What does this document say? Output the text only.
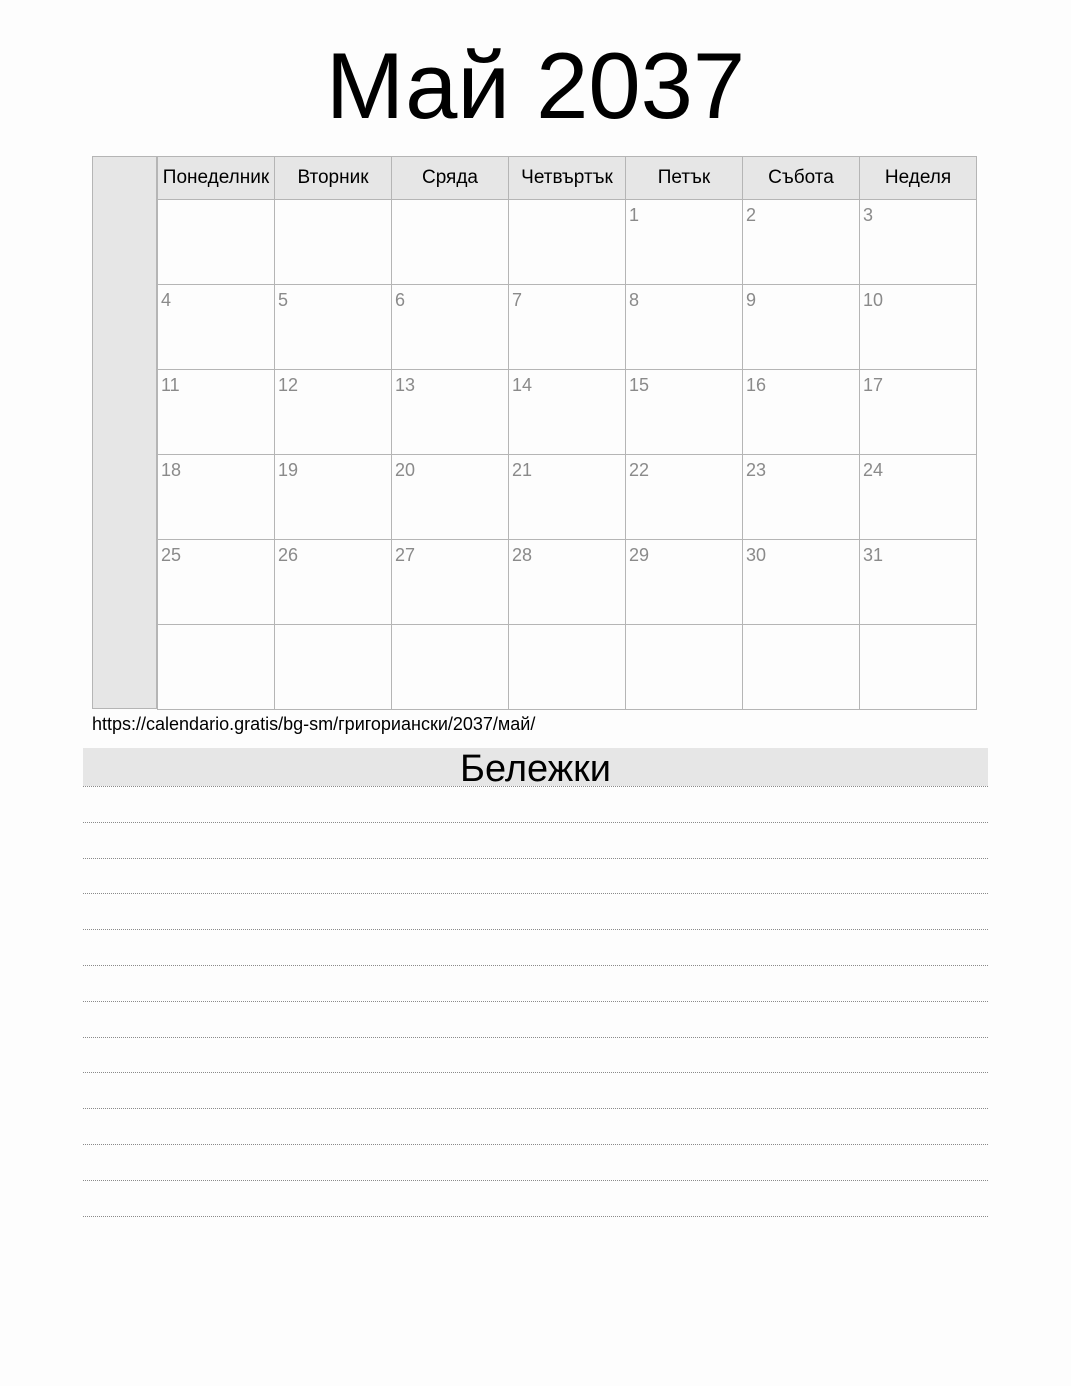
Май 2037
Понеделник	Вторник	Сряда	Четвъртък	Петък	Събота	Неделя

				1	2	3

4	5	6	7	8	9	10

11	12	13	14	15	16	17

18	19	20	21	22	23	24

25	26	27	28	29	30	31

https://calendario.gratis/bg-sm/григориански/2037/май/
Бележки
